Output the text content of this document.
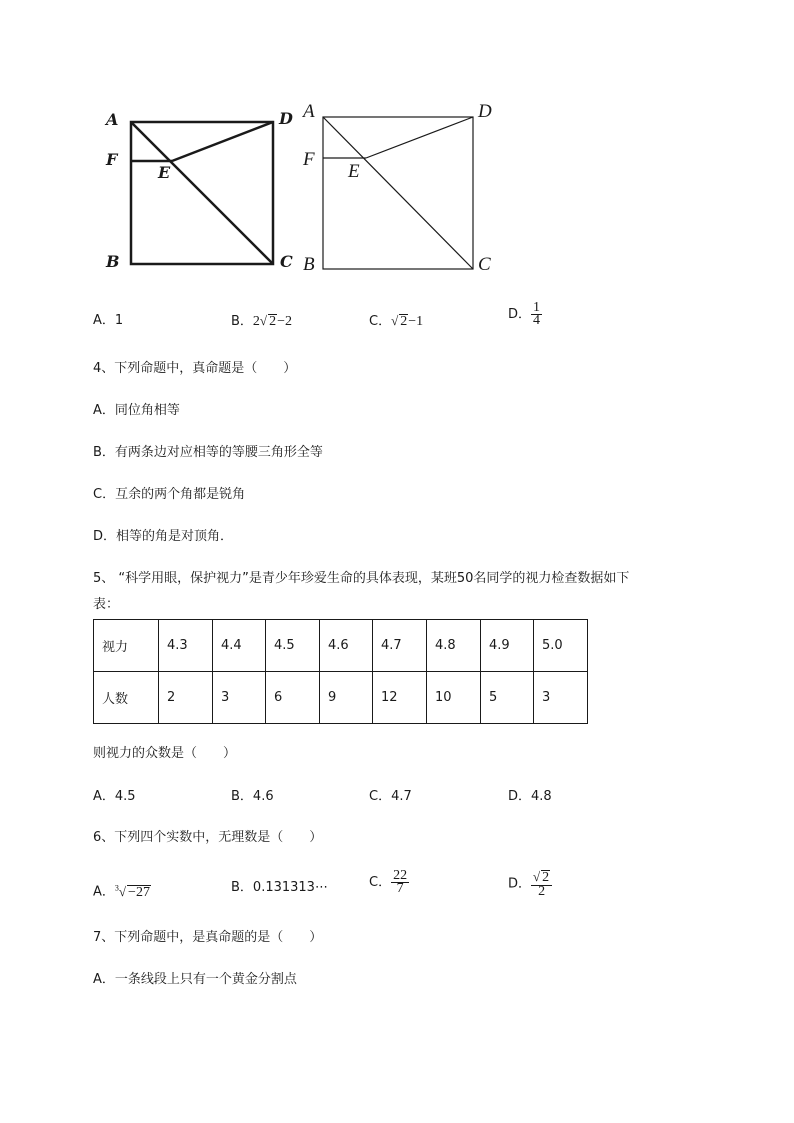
A	D
F
E
B	C
A	D
F
E
B	C
A．1	B．2√ 2−2	C．√ 2−1	D． $\frac{1}{4}$
4、下列命题中，真命题是（　　）
A．同位角相等
B．有两条边对应相等的等腰三角形全等
C．互余的两个角都是锐角
D．相等的角是对顶角．
5、 “科学用眼，保护视力”是青少年珍爱生命的具体表现，某班50名同学的视力检查数据如下
表：
视力	4.3	4.4	4.5	4.6	4.7	4.8	4.9	5.0
人数	2	3	6	9	12	10	5	3
则视力的众数是（　　）
A．4.5	B．4.6	C．4.7	D．4.8
6、下列四个实数中，无理数是（　　）
A．$^3$√ −27	B．0.131313⋯	C． $\frac{22}{7}$	D． $\frac{√ 2}{2}$
7、下列命题中，是真命题的是（　　）
A．一条线段上只有一个黄金分割点
